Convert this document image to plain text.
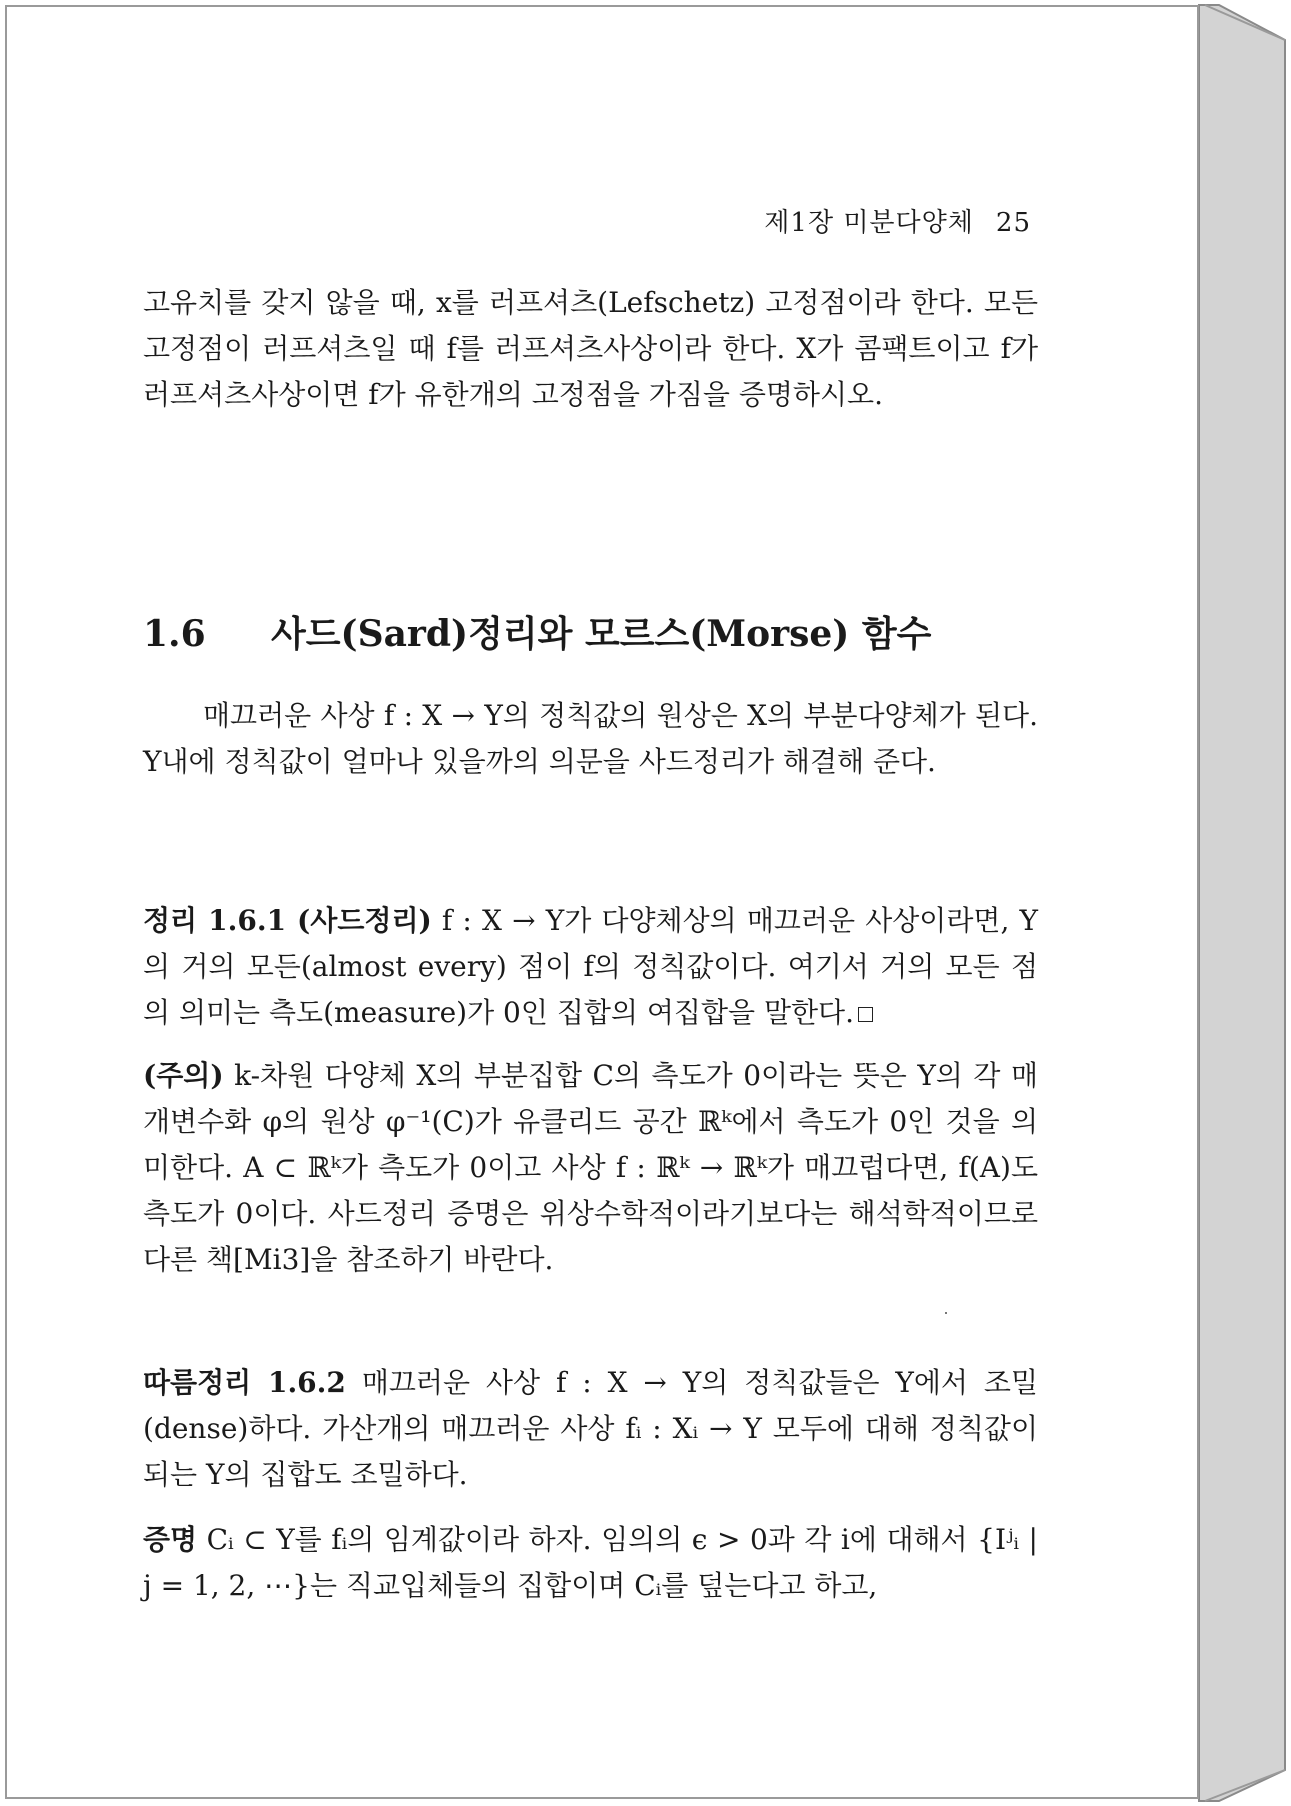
제1장 미분다양체 25
고유치를 갖지 않을 때, x를 러프셔츠(Lefschetz) 고정점이라 한다. 모든 고정점이 러프셔츠일 때 f를 러프셔츠사상이라 한다. X가 콤팩트이고 f가 러프셔츠사상이면 f가 유한개의 고정점을 가짐을 증명하시오.
1.6 사드(Sard)정리와 모르스(Morse) 함수
매끄러운 사상 f : X → Y의 정칙값의 원상은 X의 부분다양체가 된다. Y내에 정칙값이 얼마나 있을까의 의문을 사드정리가 해결해 준다.
정리 1.6.1 (사드정리) f : X → Y가 다양체상의 매끄러운 사상이라면, Y의 거의 모든(almost every) 점이 f의 정칙값이다. 여기서 거의 모든 점의 의미는 측도(measure)가 0인 집합의 여집합을 말한다.
(주의) k-차원 다양체 X의 부분집합 C의 측도가 0이라는 뜻은 Y의 각 매개변수화 φ의 원상 φ⁻¹(C)가 유클리드 공간 ℝᵏ에서 측도가 0인 것을 의미한다. A ⊂ ℝᵏ가 측도가 0이고 사상 f : ℝᵏ → ℝᵏ가 매끄럽다면, f(A)도 측도가 0이다. 사드정리 증명은 위상수학적이라기보다는 해석학적이므로 다른 책[Mi3]을 참조하기 바란다.
따름정리 1.6.2 매끄러운 사상 f : X → Y의 정칙값들은 Y에서 조밀(dense)하다. 가산개의 매끄러운 사상 fᵢ : Xᵢ → Y 모두에 대해 정칙값이 되는 Y의 집합도 조밀하다.
증명 Cᵢ ⊂ Y를 fᵢ의 임계값이라 하자. 임의의 ϵ > 0과 각 i에 대해서 {Iʲᵢ | j = 1, 2, ⋯}는 직교입체들의 집합이며 Cᵢ를 덮는다고 하고,
